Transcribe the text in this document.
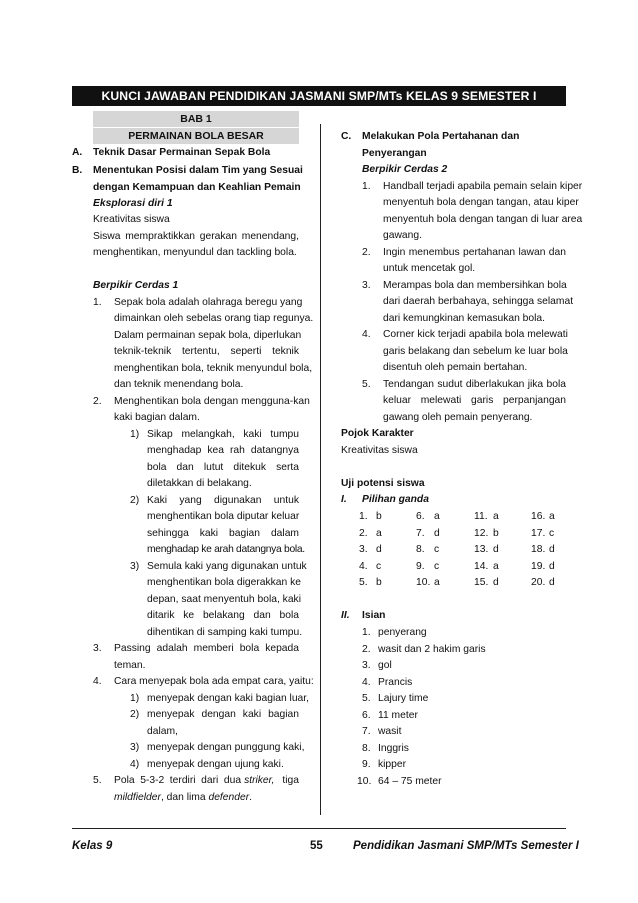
KUNCI JAWABAN PENDIDIKAN JASMANI SMP/MTs KELAS 9 SEMESTER I
BAB 1
PERMAINAN BOLA BESAR
A. Teknik Dasar Permainan Sepak Bola
B. Menentukan Posisi dalam Tim yang Sesuai
dengan Kemampuan dan Keahlian Pemain
Eksplorasi diri 1
Kreativitas siswa
Siswa mempraktikkan gerakan menendang,
menghentikan, menyundul dan tackling bola.
Berpikir Cerdas 1
1. Sepak bola adalah olahraga beregu yang
dimainkan oleh sebelas orang tiap regunya.
Dalam permainan sepak bola, diperlukan
teknik-teknik tertentu, seperti teknik
menghentikan bola, teknik menyundul bola,
dan teknik menendang bola.
2. Menghentikan bola dengan mengguna-kan
kaki bagian dalam.
1) Sikap melangkah, kaki tumpu
menghadap kea rah datangnya
bola dan lutut ditekuk serta
diletakkan di belakang.
2) Kaki yang digunakan untuk
menghentikan bola diputar keluar
sehingga kaki bagian dalam
menghadap ke arah datangnya bola.
3) Semula kaki yang digunakan untuk
menghentikan bola digerakkan ke
depan, saat menyentuh bola, kaki
ditarik ke belakang dan bola
dihentikan di samping kaki tumpu.
3. Passing adalah memberi bola kepada
teman.
4. Cara menyepak bola ada empat cara, yaitu:
1) menyepak dengan kaki bagian luar,
2) menyepak dengan kaki bagian
dalam,
3) menyepak dengan punggung kaki,
4) menyepak dengan ujung kaki.
5. Pola 5-3-2 terdiri dari dua striker, tiga
mildfielder, dan lima defender.
C. Melakukan Pola Pertahanan dan
Penyerangan
Berpikir Cerdas 2
1. Handball terjadi apabila pemain selain kiper
menyentuh bola dengan tangan, atau kiper
menyentuh bola dengan tangan di luar area
gawang.
2. Ingin menembus pertahanan lawan dan
untuk mencetak gol.
3. Merampas bola dan membersihkan bola
dari daerah berbahaya, sehingga selamat
dari kemungkinan kemasukan bola.
4. Corner kick terjadi apabila bola melewati
garis belakang dan sebelum ke luar bola
disentuh oleh pemain bertahan.
5. Tendangan sudut diberlakukan jika bola
keluar melewati garis perpanjangan
gawang oleh pemain penyerang.
Pojok Karakter
Kreativitas siswa
Uji potensi siswa
I. Pilihan ganda
1. b
2. a
3. d
4. c
5. b
6. a
7. d
8. c
9. c
10. a
11. a
12. b
13. d
14. a
15. d
16. a
17. c
18. d
19. d
20. d
II. Isian
1. penyerang
2. wasit dan 2 hakim garis
3. gol
4. Prancis
5. Lajury time
6. 11 meter
7. wasit
8. Inggris
9. kipper
10. 64 – 75 meter
Kelas 9	55	Pendidikan Jasmani SMP/MTs Semester I
